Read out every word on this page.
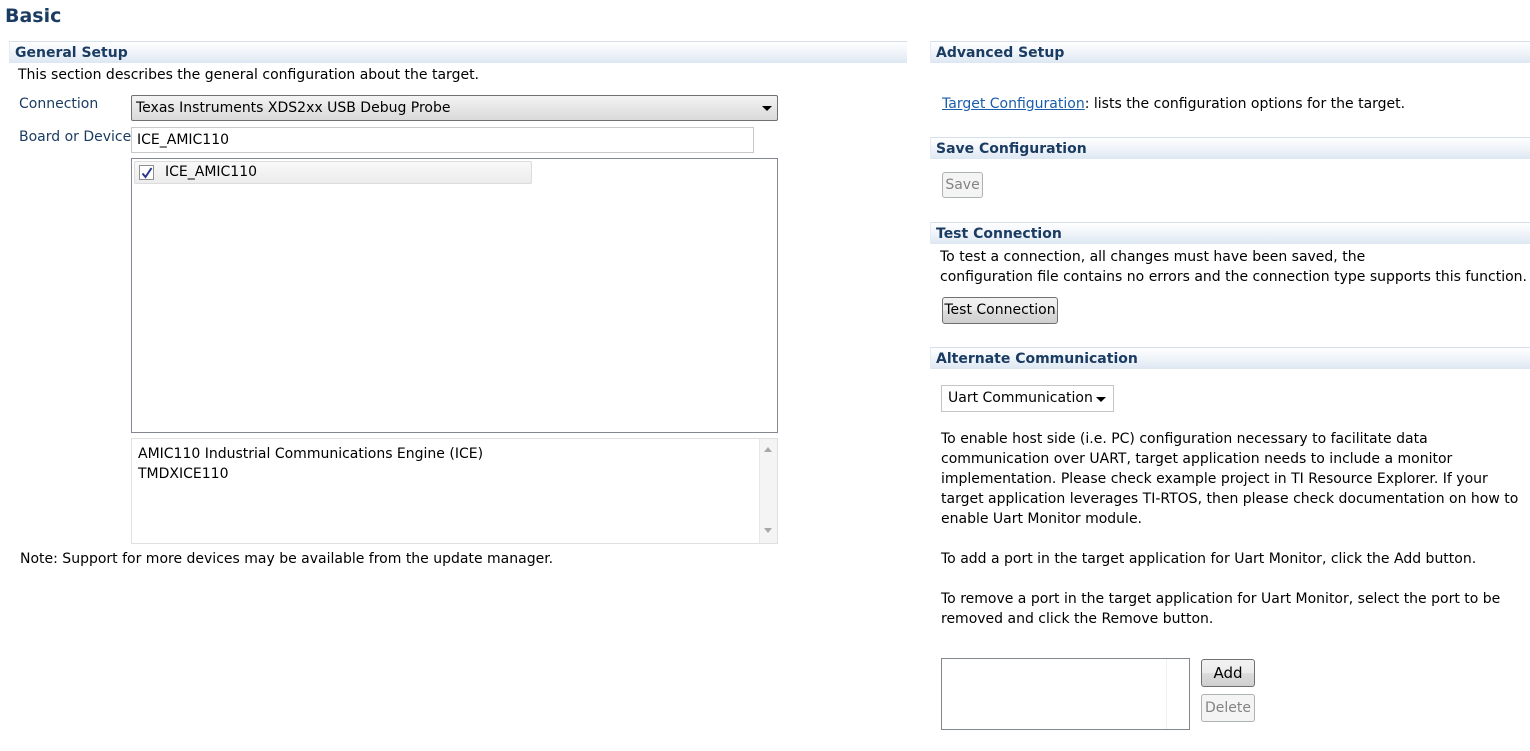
Basic
General Setup
This section describes the general configuration about the target.
Connection	Texas Instruments XDS2xx USB Debug Probe
Board or Device ICE_AMIC110
ICE_AMIC110
AMIC110 Industrial Communications Engine (ICE)
TMDXICE110
Note: Support for more devices may be available from the update manager.
Advanced Setup
Target Configuration: lists the configuration options for the target.
Save Configuration
Save
Test Connection
To test a connection, all changes must have been saved, the
configuration file contains no errors and the connection type supports this function.
Test Connection
Alternate Communication
Uart Communication
To enable host side (i.e. PC) configuration necessary to facilitate data
communication over UART, target application needs to include a monitor
implementation. Please check example project in TI Resource Explorer. If your
target application leverages TI-RTOS, then please check documentation on how to
enable Uart Monitor module.
To add a port in the target application for Uart Monitor, click the Add button.
To remove a port in the target application for Uart Monitor, select the port to be
removed and click the Remove button.
Add
Delete
